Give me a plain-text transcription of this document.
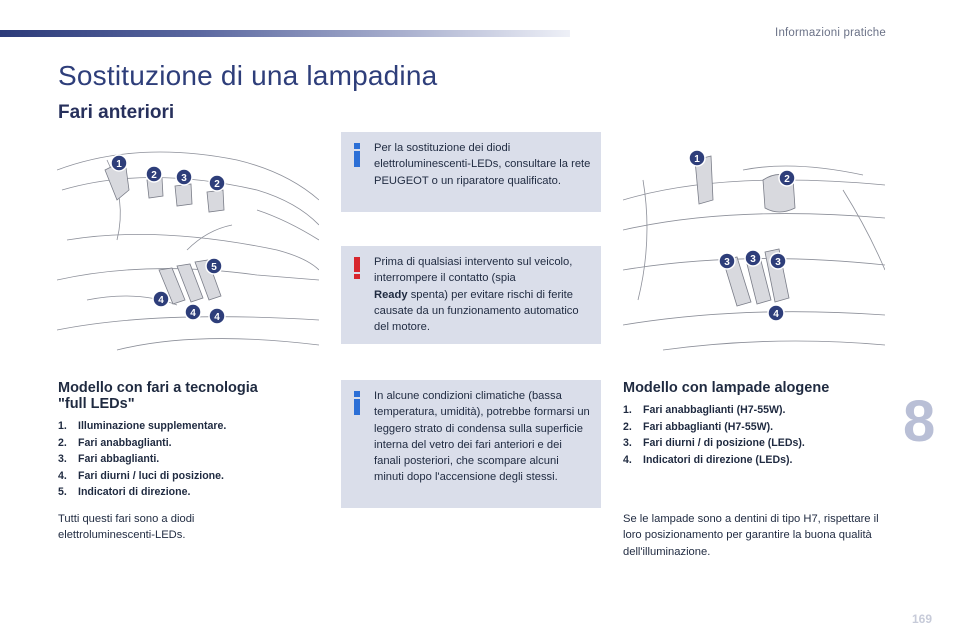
Informazioni pratiche
Sostituzione di una lampadina
Fari anteriori
1
2 3
2
5
4
4 4
1
2
3 3 3
4
Per la sostituzione dei diodi elettroluminescenti-LEDs, consultare la rete PEUGEOT o un riparatore qualificato.
Prima di qualsiasi intervento sul veicolo, interrompere il contatto (spia
Ready spenta) per evitare rischi di ferite causate da un funzionamento automatico del motore.
In alcune condizioni climatiche (bassa temperatura, umidità), potrebbe formarsi un leggero strato di condensa sulla superficie interna del vetro dei fari anteriori e dei fanali posteriori, che scompare alcuni minuti dopo l'accensione degli stessi.
Modello con fari a tecnologia
"full LEDs"
1.	Illuminazione supplementare.
2.	Fari anabbaglianti.
3.	Fari abbaglianti.
4.	Fari diurni / luci di posizione.
5.	Indicatori di direzione.

Tutti questi fari sono a diodi elettroluminescenti-LEDs.

Modello con lampade alogene
1.	Fari anabbaglianti (H7-55W).
2.	Fari abbaglianti (H7-55W).
3.	Fari diurni / di posizione (LEDs).
4.	Indicatori di direzione (LEDs).

Se le lampade sono a dentini di tipo H7, rispettare il loro posizionamento per garantire la buona qualità dell'illuminazione.

8
169
